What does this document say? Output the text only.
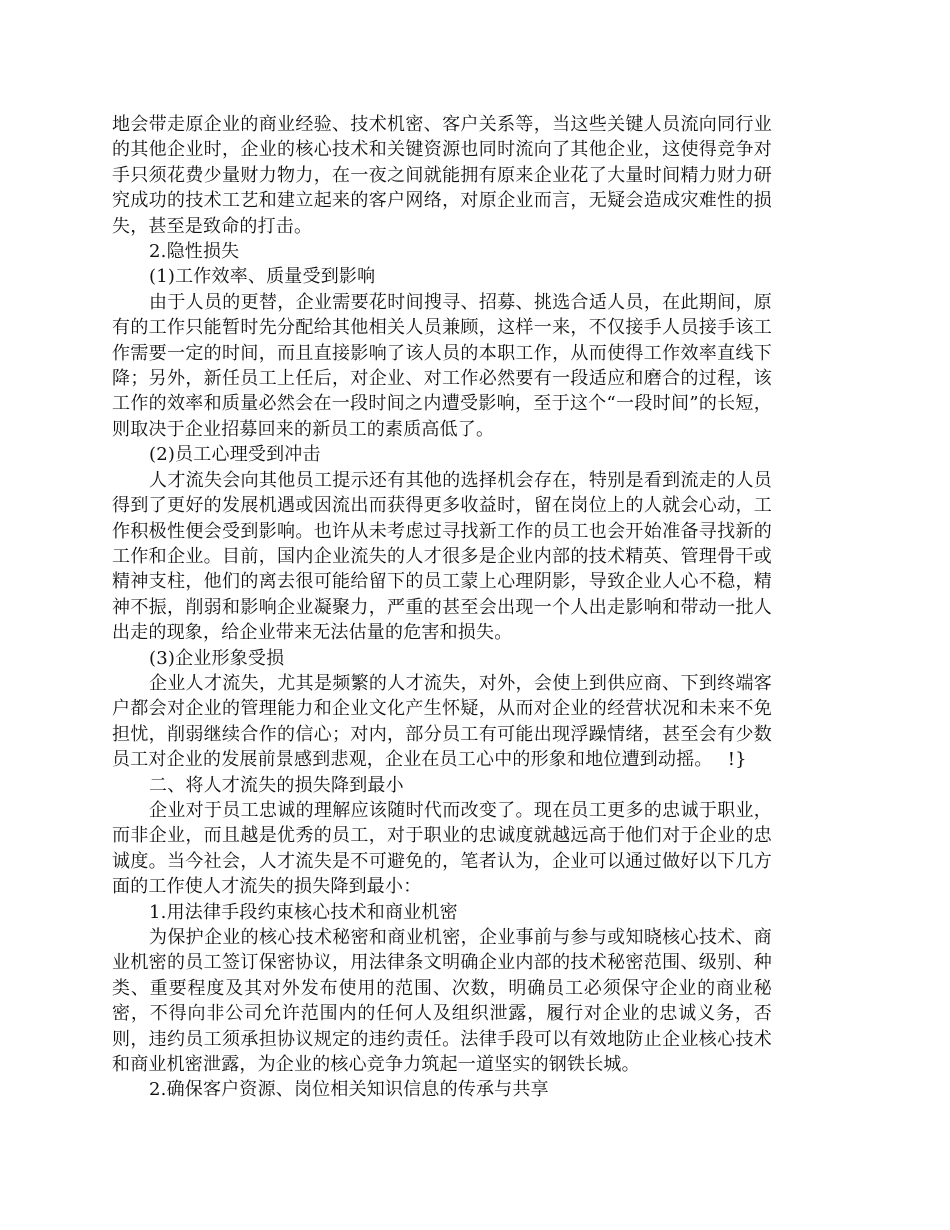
地会带走原企业的商业经验、技术机密、客户关系等，当这些关键人员流向同行业的其他企业时，企业的核心技术和关键资源也同时流向了其他企业，这使得竞争对手只须花费少量财力物力，在一夜之间就能拥有原来企业花了大量时间精力财力研究成功的技术工艺和建立起来的客户网络，对原企业而言，无疑会造成灾难性的损失，甚至是致命的打击。

2.隐性损失

(1)工作效率、质量受到影响

由于人员的更替，企业需要花时间搜寻、招募、挑选合适人员，在此期间，原有的工作只能暂时先分配给其他相关人员兼顾，这样一来，不仅接手人员接手该工作需要一定的时间，而且直接影响了该人员的本职工作，从而使得工作效率直线下降；另外，新任员工上任后，对企业、对工作必然要有一段适应和磨合的过程，该工作的效率和质量必然会在一段时间之内遭受影响，至于这个“一段时间”的长短，则取决于企业招募回来的新员工的素质高低了。

(2)员工心理受到冲击

人才流失会向其他员工提示还有其他的选择机会存在，特别是看到流走的人员得到了更好的发展机遇或因流出而获得更多收益时，留在岗位上的人就会心动，工作积极性便会受到影响。也许从未考虑过寻找新工作的员工也会开始准备寻找新的工作和企业。目前，国内企业流失的人才很多是企业内部的技术精英、管理骨干或精神支柱，他们的离去很可能给留下的员工蒙上心理阴影，导致企业人心不稳，精神不振，削弱和影响企业凝聚力，严重的甚至会出现一个人出走影响和带动一批人出走的现象，给企业带来无法估量的危害和损失。

(3)企业形象受损

企业人才流失，尤其是频繁的人才流失，对外，会使上到供应商、下到终端客户都会对企业的管理能力和企业文化产生怀疑，从而对企业的经营状况和未来不免担忧，削弱继续合作的信心；对内，部分员工有可能出现浮躁情绪，甚至会有少数员工对企业的发展前景感到悲观，企业在员工心中的形象和地位遭到动摇。　 !}

二、将人才流失的损失降到最小

企业对于员工忠诚的理解应该随时代而改变了。现在员工更多的忠诚于职业，而非企业，而且越是优秀的员工，对于职业的忠诚度就越远高于他们对于企业的忠诚度。当今社会，人才流失是不可避免的，笔者认为，企业可以通过做好以下几方面的工作使人才流失的损失降到最小：

1.用法律手段约束核心技术和商业机密

为保护企业的核心技术秘密和商业机密，企业事前与参与或知晓核心技术、商业机密的员工签订保密协议，用法律条文明确企业内部的技术秘密范围、级别、种类、重要程度及其对外发布使用的范围、次数，明确员工必须保守企业的商业秘密，不得向非公司允许范围内的任何人及组织泄露，履行对企业的忠诚义务，否则，违约员工须承担协议规定的违约责任。法律手段可以有效地防止企业核心技术和商业机密泄露，为企业的核心竞争力筑起一道坚实的钢铁长城。

2.确保客户资源、岗位相关知识信息的传承与共享
